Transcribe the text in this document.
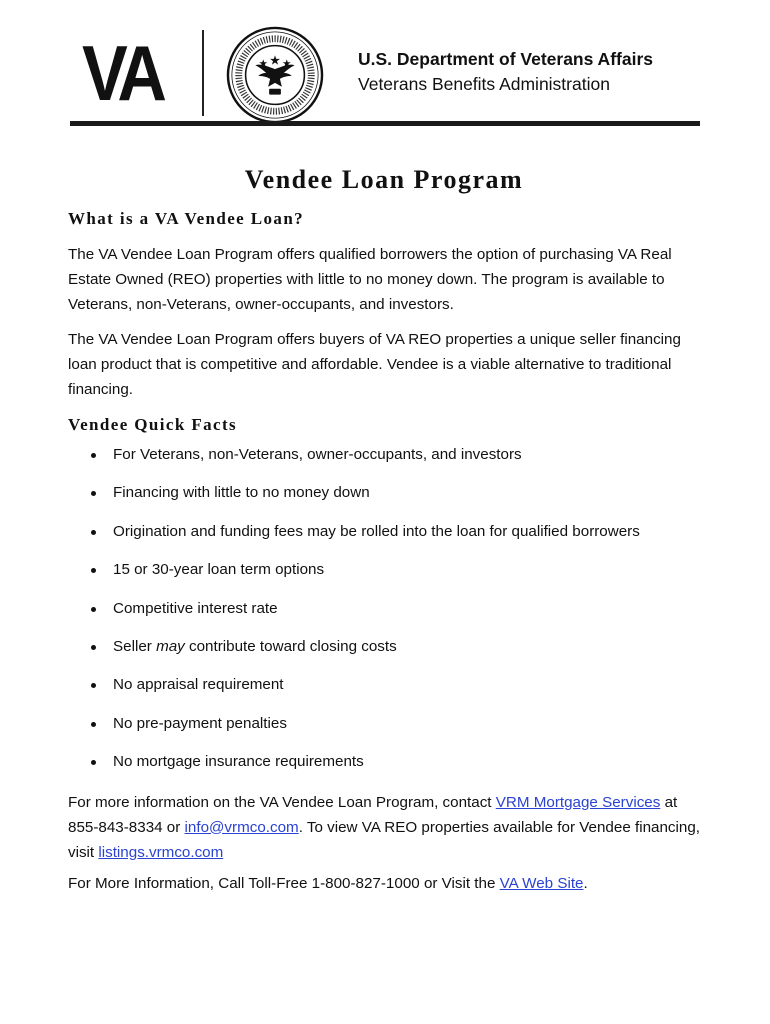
VA	U.S. Department of Veterans Affairs
Veterans Benefits Administration
Vendee Loan Program
What is a VA Vendee Loan?

The VA Vendee Loan Program offers qualified borrowers the option of purchasing VA Real Estate Owned (REO) properties with little to no money down. The program is available to Veterans, non-Veterans, owner-occupants, and investors.

The VA Vendee Loan Program offers buyers of VA REO properties a unique seller financing loan product that is competitive and affordable. Vendee is a viable alternative to traditional financing.

Vendee Quick Facts
For Veterans, non-Veterans, owner-occupants, and investors
Financing with little to no money down
Origination and funding fees may be rolled into the loan for qualified borrowers
15 or 30-year loan term options
Competitive interest rate
Seller may contribute toward closing costs
No appraisal requirement
No pre-payment penalties
No mortgage insurance requirements

For more information on the VA Vendee Loan Program, contact VRM Mortgage Services at 855-843-8334 or info@vrmco.com. To view VA REO properties available for Vendee financing, visit listings.vrmco.com

For More Information, Call Toll-Free 1-800-827-1000 or Visit the VA Web Site.
